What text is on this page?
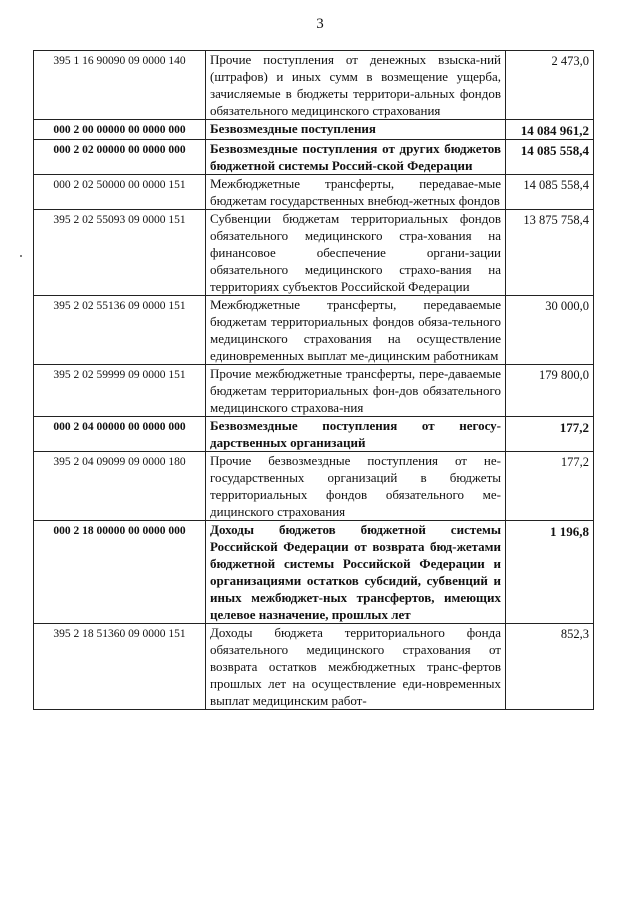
3
395 1 16 90090 09 0000 140	Прочие поступления от денежных взыска-ний (штрафов) и иных сумм в возмещение ущерба, зачисляемые в бюджеты территори-альных фондов обязательного медицинского страхования	2 473,0
000 2 00 00000 00 0000 000	Безвозмездные поступления	14 084 961,2
000 2 02 00000 00 0000 000	Безвозмездные поступления от других бюджетов бюджетной системы Россий-ской Федерации	14 085 558,4
000 2 02 50000 00 0000 151	Межбюджетные трансферты, передавае-мые бюджетам государственных внебюд-жетных фондов	14 085 558,4
395 2 02 55093 09 0000 151	Субвенции бюджетам территориальных фондов обязательного медицинского стра-хования на финансовое обеспечение органи-зации обязательного медицинского страхо-вания на территориях субъектов Российской Федерации	13 875 758,4
395 2 02 55136 09 0000 151	Межбюджетные трансферты, передаваемые бюджетам территориальных фондов обяза-тельного медицинского страхования на осуществление единовременных выплат ме-дицинским работникам	30 000,0
395 2 02 59999 09 0000 151	Прочие межбюджетные трансферты, пере-даваемые бюджетам территориальных фон-дов обязательного медицинского страхова-ния	179 800,0
000 2 04 00000 00 0000 000	Безвозмездные поступления от негосу-дарственных организаций	177,2
395 2 04 09099 09 0000 180	Прочие безвозмездные поступления от не-государственных организаций в бюджеты территориальных фондов обязательного ме-дицинского страхования	177,2
000 2 18 00000 00 0000 000	Доходы бюджетов бюджетной системы Российской Федерации от возврата бюд-жетами бюджетной системы Российской Федерации и организациями остатков субсидий, субвенций и иных межбюджет-ных трансфертов, имеющих целевое назначение, прошлых лет	1 196,8
395 2 18 51360 09 0000 151	Доходы бюджета территориального фонда обязательного медицинского страхования от возврата остатков межбюджетных транс-фертов прошлых лет на осуществление еди-новременных выплат медицинским работ-	852,3
